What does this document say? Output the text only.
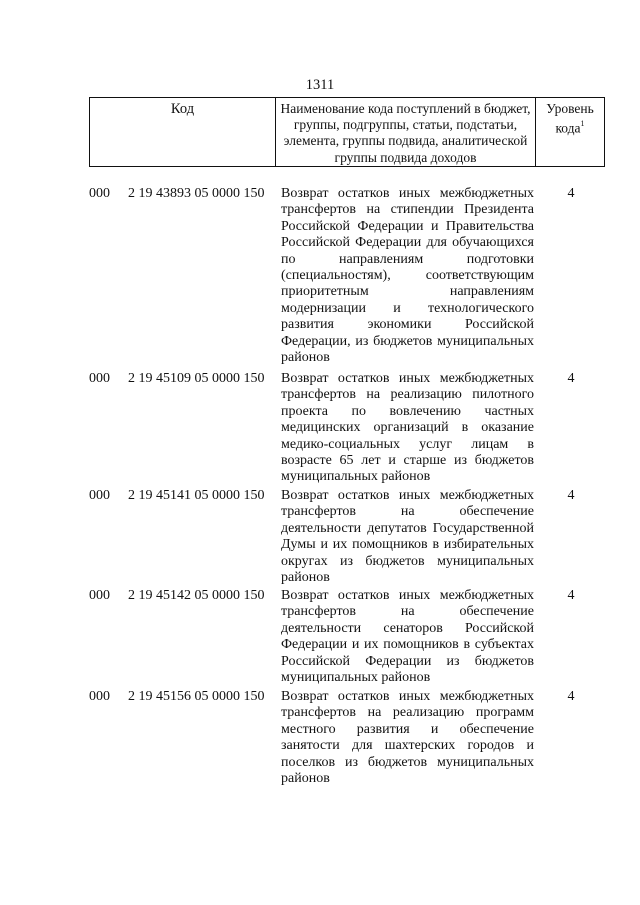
1311
Код	Наименование кода поступлений в бюджет, группы, подгруппы, статьи, подстатьи, элемента, группы подвида, аналитической группы подвида доходов
Уровень кода$^1$
000 2 19 43893 05 0000 150 Возврат остатков иных межбюджетных трансфертов на стипендии Президента Российской Федерации и Правительства Российской Федерации для обучающихся по направлениям подготовки (специальностям), соответствующим приоритетным направлениям модернизации и технологического развития экономики Российской Федерации, из бюджетов муниципальных районов
4
000 2 19 45109 05 0000 150 Возврат остатков иных межбюджетных трансфертов на реализацию пилотного проекта по вовлечению частных медицинских организаций в оказание медико-социальных услуг лицам в возрасте 65 лет и старше из бюджетов муниципальных районов
4
000 2 19 45141 05 0000 150 Возврат остатков иных межбюджетных трансфертов на обеспечение деятельности депутатов Государственной Думы и их помощников в избирательных округах из бюджетов муниципальных районов
4
000 2 19 45142 05 0000 150 Возврат остатков иных межбюджетных трансфертов на обеспечение деятельности сенаторов Российской Федерации и их помощников в субъектах Российской Федерации из бюджетов муниципальных районов
4
000 2 19 45156 05 0000 150 Возврат остатков иных межбюджетных трансфертов на реализацию программ местного развития и обеспечение занятости для шахтерских городов и поселков из бюджетов муниципальных районов
4
